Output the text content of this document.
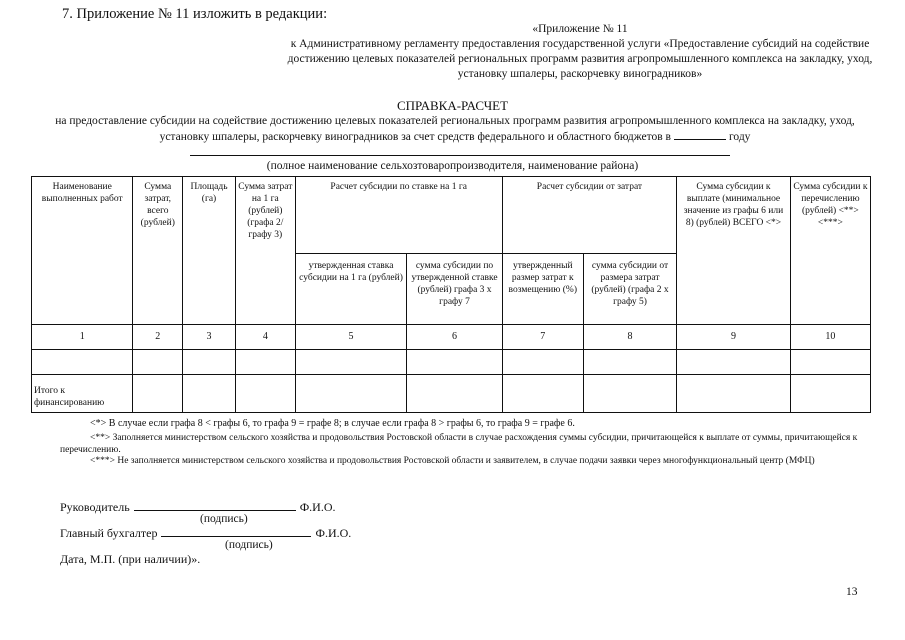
7. Приложение № 11 изложить в редакции:
«Приложение № 11
к Административному регламенту предоставления государственной услуги «Предоставление субсидий на содействие достижению целевых показателей региональных программ развития агропромышленного комплекса на закладку, уход, установку шпалеры, раскорчевку виноградников»
СПРАВКА-РАСЧЕТ
на предоставление субсидии на содействие достижению целевых показателей региональных программ развития агропромышленного комплекса на закладку, уход, установку шпалеры, раскорчевку виноградников за счет средств федерального и областного бюджетов в	году
(полное наименование сельхозтоваропроизводителя, наименование района)
Наименование выполненных работ	Сумма затрат, всего (рублей)	Площадь (га)	Сумма затрат на 1 га (рублей) (графа 2/графу 3)	Расчет субсидии по ставке на 1 га		Расчет субсидии от затрат		Сумма субсидии к выплате (минимальное значение из графы 6 или 8) (рублей) ВСЕГО <*>	Сумма субсидии к перечислению (рублей) <**> <***>
				утвержденная ставка субсидии на 1 га (рублей)	сумма субсидии по утвержденной ставке (рублей) графа 3 x графу 7	утвержденный размер затрат к возмещению (%)	сумма субсидии от размера затрат (рублей) (графа 2 x графу 5)		
1	2	3	4	5	6	7	8	9	10

Итого к финансированию									
<*> В случае если графа 8 < графы 6, то графа 9 = графе 8; в случае если графа 8 > графы 6, то графа 9 = графе 6.
<**> Заполняется министерством сельского хозяйства и продовольствия Ростовской области в случае расхождения суммы субсидии, причитающейся к выплате от суммы, причитающейся к перечислению.
<***> Не заполняется министерством сельского хозяйства и продовольствия Ростовской области и заявителем, в случае подачи заявки через многофункциональный центр (МФЦ)
Руководитель	Ф.И.О.
(подпись)
Главный бухгалтер	Ф.И.О.
(подпись)
Дата, М.П. (при наличии)».
13
